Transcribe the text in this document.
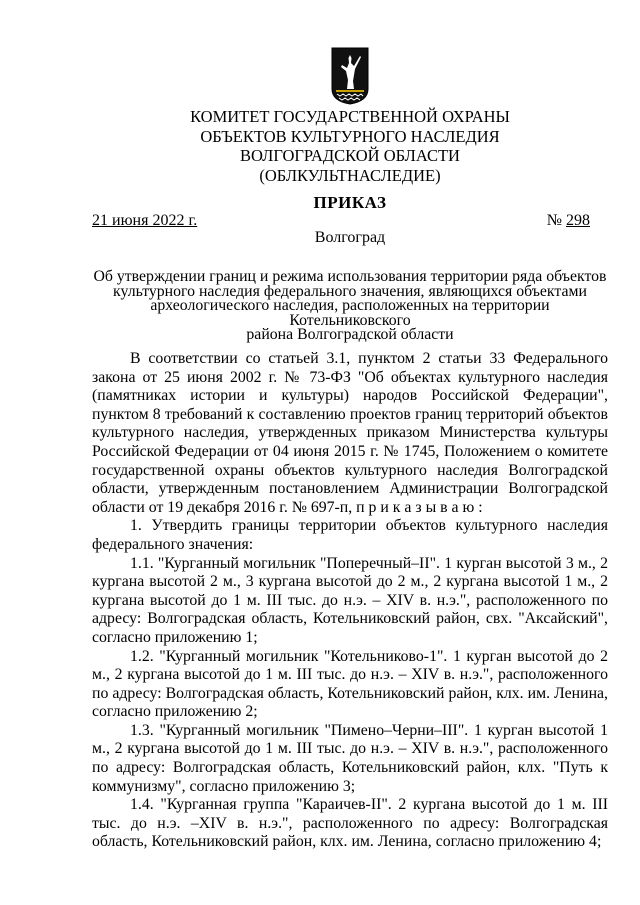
КОМИТЕТ ГОСУДАРСТВЕННОЙ ОХРАНЫ
ОБЪЕКТОВ КУЛЬТУРНОГО НАСЛЕДИЯ
ВОЛГОГРАДСКОЙ ОБЛАСТИ
(ОБЛКУЛЬТНАСЛЕДИЕ)
ПРИКАЗ
21 июня 2022 г.	№ 298
Волгоград
Об утверждении границ и режима использования территории ряда объектов
культурного наследия федерального значения, являющихся объектами
археологического наследия, расположенных на территории Котельниковского
района Волгоградской области

В соответствии со статьей 3.1, пунктом 2 статьи 33 Федерального закона от 25 июня 2002 г. № 73-ФЗ "Об объектах культурного наследия (памятниках истории и культуры) народов Российской Федерации", пунктом 8 требований к составлению проектов границ территорий объектов культурного наследия, утвержденных приказом Министерства культуры Российской Федерации от 04 июня 2015 г. № 1745, Положением о комитете государственной охраны объектов культурного наследия Волгоградской области, утвержденным постановлением Администрации Волгоградской области от 19 декабря 2016 г. № 697-п, п р и к а з ы в а ю :

1. Утвердить границы территории объектов культурного наследия федерального значения:

1.1. "Курганный могильник "Поперечный–II". 1 курган высотой 3 м., 2 кургана высотой 2 м., 3 кургана высотой до 2 м., 2 кургана высотой 1 м., 2 кургана высотой до 1 м. III тыс. до н.э. – XIV в. н.э.", расположенного по адресу: Волгоградская область, Котельниковский район, свх. "Аксайский", согласно приложению 1;

1.2. "Курганный могильник "Котельниково-1". 1 курган высотой до 2 м., 2 кургана высотой до 1 м. III тыс. до н.э. – XIV в. н.э.", расположенного по адресу: Волгоградская область, Котельниковский район, клх. им. Ленина, согласно приложению 2;

1.3. "Курганный могильник "Пимено–Черни–III". 1 курган высотой 1 м., 2 кургана высотой до 1 м. III тыс. до н.э. – XIV в. н.э.", расположенного по адресу: Волгоградская область, Котельниковский район, клх. "Путь к коммунизму", согласно приложению 3;

1.4. "Курганная группа "Караичев-II". 2 кургана высотой до 1 м. III тыс. до н.э. –XIV в. н.э.", расположенного по адресу: Волгоградская область, Котельниковский район, клх. им. Ленина, согласно приложению 4;
